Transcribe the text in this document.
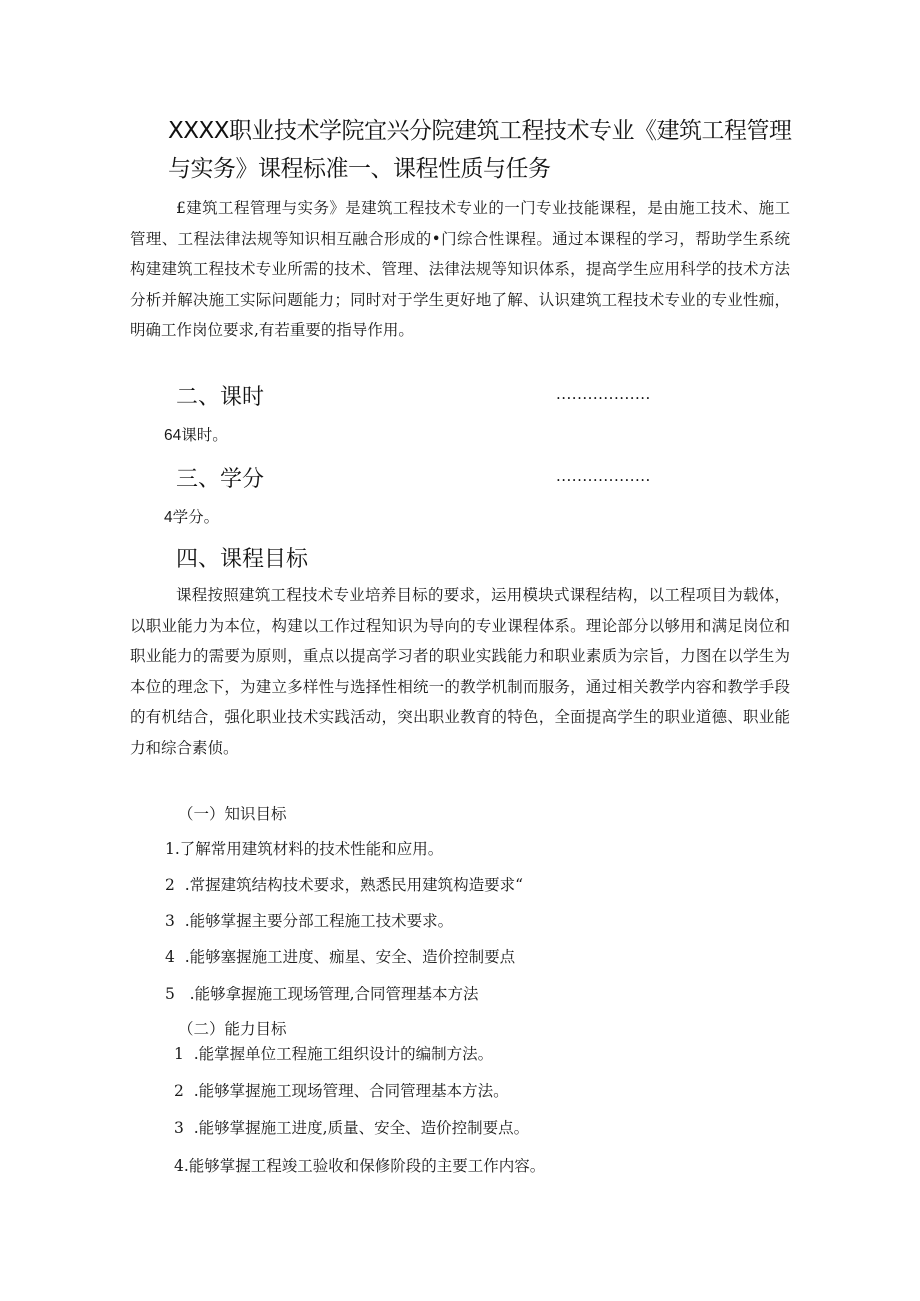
XXXX职业技术学院宜兴分院建筑工程技术专业《建筑工程管理与实务》课程标准一、课程性质与任务
£建筑工程管理与实务》是建筑工程技术专业的一门专业技能课程，是由施工技术、施工管理、工程法律法规等知识相互融合形成的•门综合性课程。通过本课程的学习，帮助学生系统构建建筑工程技术专业所需的技术、管理、法律法规等知识体系，提高学生应用科学的技术方法分析并解决施工实际问题能力；同时对于学生更好地了解、认识建筑工程技术专业的专业性痂，明确工作岗位要求,有若重要的指导作用。
二、课时	..................
64课时。
三、学分	..................
4学分。
四、课程目标
课程按照建筑工程技术专业培养目标的要求，运用模块式课程结构，以工程项目为载体，以职业能力为本位，构建以工作过程知识为导向的专业课程体系。理论部分以够用和满足岗位和职业能力的需要为原则，重点以提高学习者的职业实践能力和职业素质为宗旨，力图在以学生为本位的理念下，为建立多样性与选择性相统一的教学机制而服务，通过相关教学内容和教学手段的有机结合，强化职业技术实践活动，突出职业教育的特色，全面提高学生的职业道德、职业能力和综合素侦。
（一）知识目标
1.了解常用建筑材料的技术性能和应用。
2  .常握建筑结构技术要求，熟悉民用建筑构造要求“
3  .能够掌握主要分部工程施工技术要求。
4  .能够塞握施工进度、痂星、安全、造价控制要点
5   .能够拿握施工现场管理,合同管理基本方法
（二）能力目标
1  .能掌握单位工程施工组织设计的编制方法。
2  .能够掌握施工现场管理、合同管理基本方法。
3  .能够掌握施工进度,质量、安全、造价控制要点。
4.能够掌握工程竣工验收和保修阶段的主要工作内容。
